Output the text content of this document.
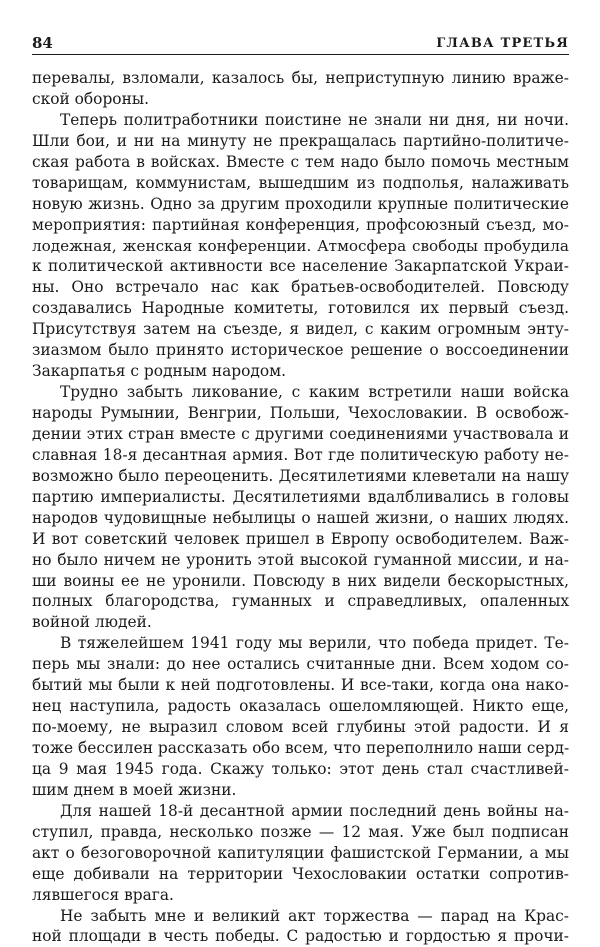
84	ГЛАВА ТРЕТЬЯ
перевалы, взломали, казалось бы, неприступную линию враже-
ской обороны.
Теперь политработники поистине не знали ни дня, ни ночи.
Шли бои, и ни на минуту не прекращалась партийно-политиче-
ская работа в войсках. Вместе с тем надо было помочь местным
товарищам, коммунистам, вышедшим из подполья, налаживать
новую жизнь. Одно за другим проходили крупные политические
мероприятия: партийная конференция, профсоюзный съезд, мо-
лодежная, женская конференции. Атмосфера свободы пробудила
к политической активности все население Закарпатской Украи-
ны. Оно встречало нас как братьев-освободителей. Повсюду
создавались Народные комитеты, готовился их первый съезд.
Присутствуя затем на съезде, я видел, с каким огромным энту-
зиазмом было принято историческое решение о воссоединении
Закарпатья с родным народом.
Трудно забыть ликование, с каким встретили наши войска
народы Румынии, Венгрии, Польши, Чехословакии. В освобож-
дении этих стран вместе с другими соединениями участвовала и
славная 18-я десантная армия. Вот где политическую работу не-
возможно было переоценить. Десятилетиями клеветали на нашу
партию империалисты. Десятилетиями вдалбливались в головы
народов чудовищные небылицы о нашей жизни, о наших людях.
И вот советский человек пришел в Европу освободителем. Важ-
но было ничем не уронить этой высокой гуманной миссии, и на-
ши воины ее не уронили. Повсюду в них видели бескорыстных,
полных благородства, гуманных и справедливых, опаленных
войной людей.
В тяжелейшем 1941 году мы верили, что победа придет. Те-
перь мы знали: до нее остались считанные дни. Всем ходом со-
бытий мы были к ней подготовлены. И все-таки, когда она нако-
нец наступила, радость оказалась ошеломляющей. Никто еще,
по-моему, не выразил словом всей глубины этой радости. И я
тоже бессилен рассказать обо всем, что переполнило наши серд-
ца 9 мая 1945 года. Скажу только: этот день стал счастливей-
шим днем в моей жизни.
Для нашей 18-й десантной армии последний день войны на-
ступил, правда, несколько позже — 12 мая. Уже был подписан
акт о безоговорочной капитуляции фашистской Германии, а мы
еще добивали на территории Чехословакии остатки сопротив-
лявшегося врага.
Не забыть мне и великий акт торжества — парад на Крас-
ной площади в честь победы. С радостью и гордостью я прочи-
